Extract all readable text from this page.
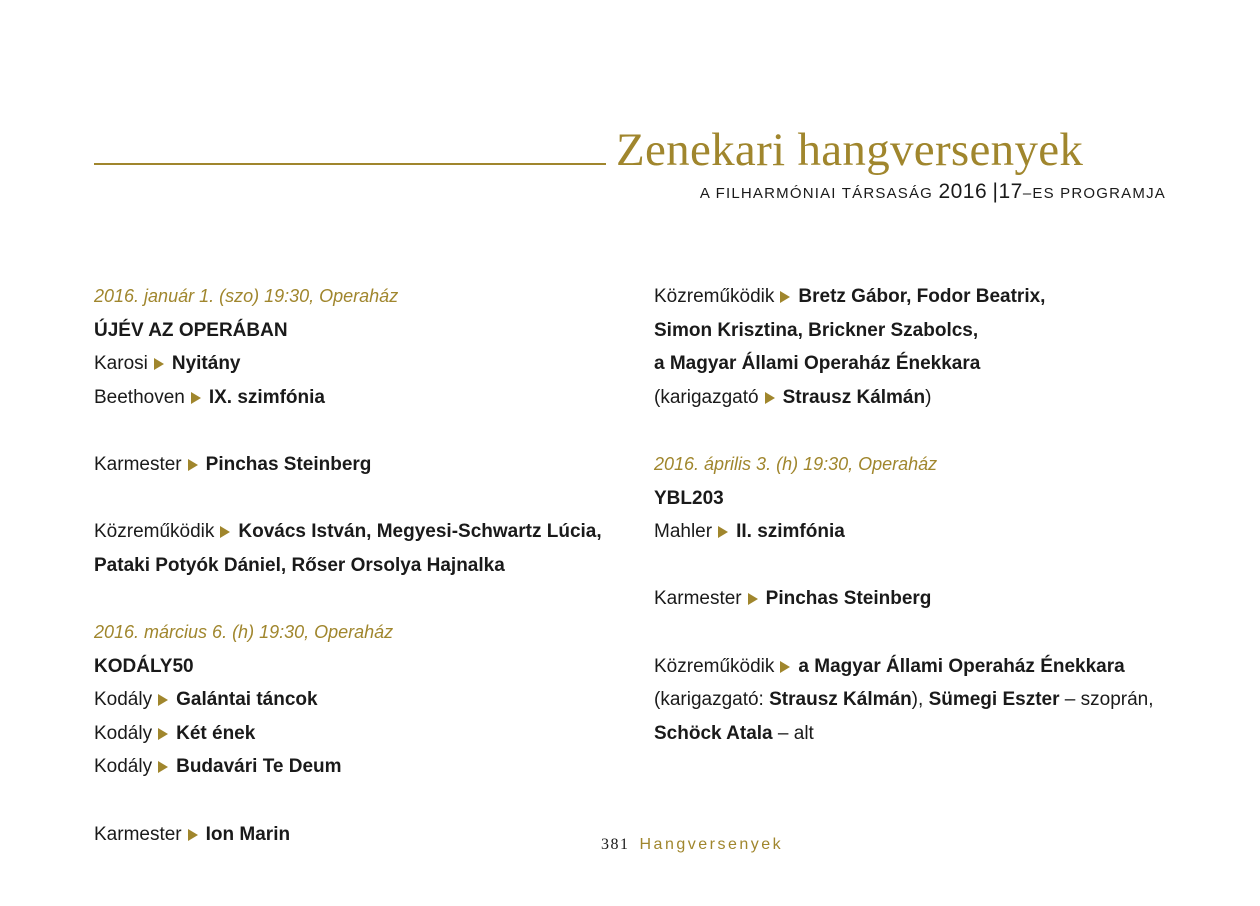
Zenekari hangversenyek
A FILHARMÓNIAI TÁRSASÁG 2016 |17–ES PROGRAMJA
2016. január 1. (szo) 19:30, Operaház
ÚJÉV AZ OPERÁBAN
Karosi Nyitány
Beethoven IX. szimfónia
Karmester Pinchas Steinberg
Közreműködik Kovács István, Megyesi-Schwartz Lúcia,
Pataki Potyók Dániel, Rőser Orsolya Hajnalka
2016. március 6. (h) 19:30, Operaház
KODÁLY50
Kodály Galántai táncok
Kodály Két ének
Kodály Budavári Te Deum
Karmester Ion Marin
Közreműködik Bretz Gábor, Fodor Beatrix,
Simon Krisztina, Brickner Szabolcs,
a Magyar Állami Operaház Énekkara
(karigazgató Strausz Kálmán)
2016. április 3. (h) 19:30, Operaház
YBL203
Mahler II. szimfónia
Karmester Pinchas Steinberg
Közreműködik a Magyar Állami Operaház Énekkara
(karigazgató: Strausz Kálmán), Sümegi Eszter – szoprán,
Schöck Atala – alt
381 Hangversenyek
